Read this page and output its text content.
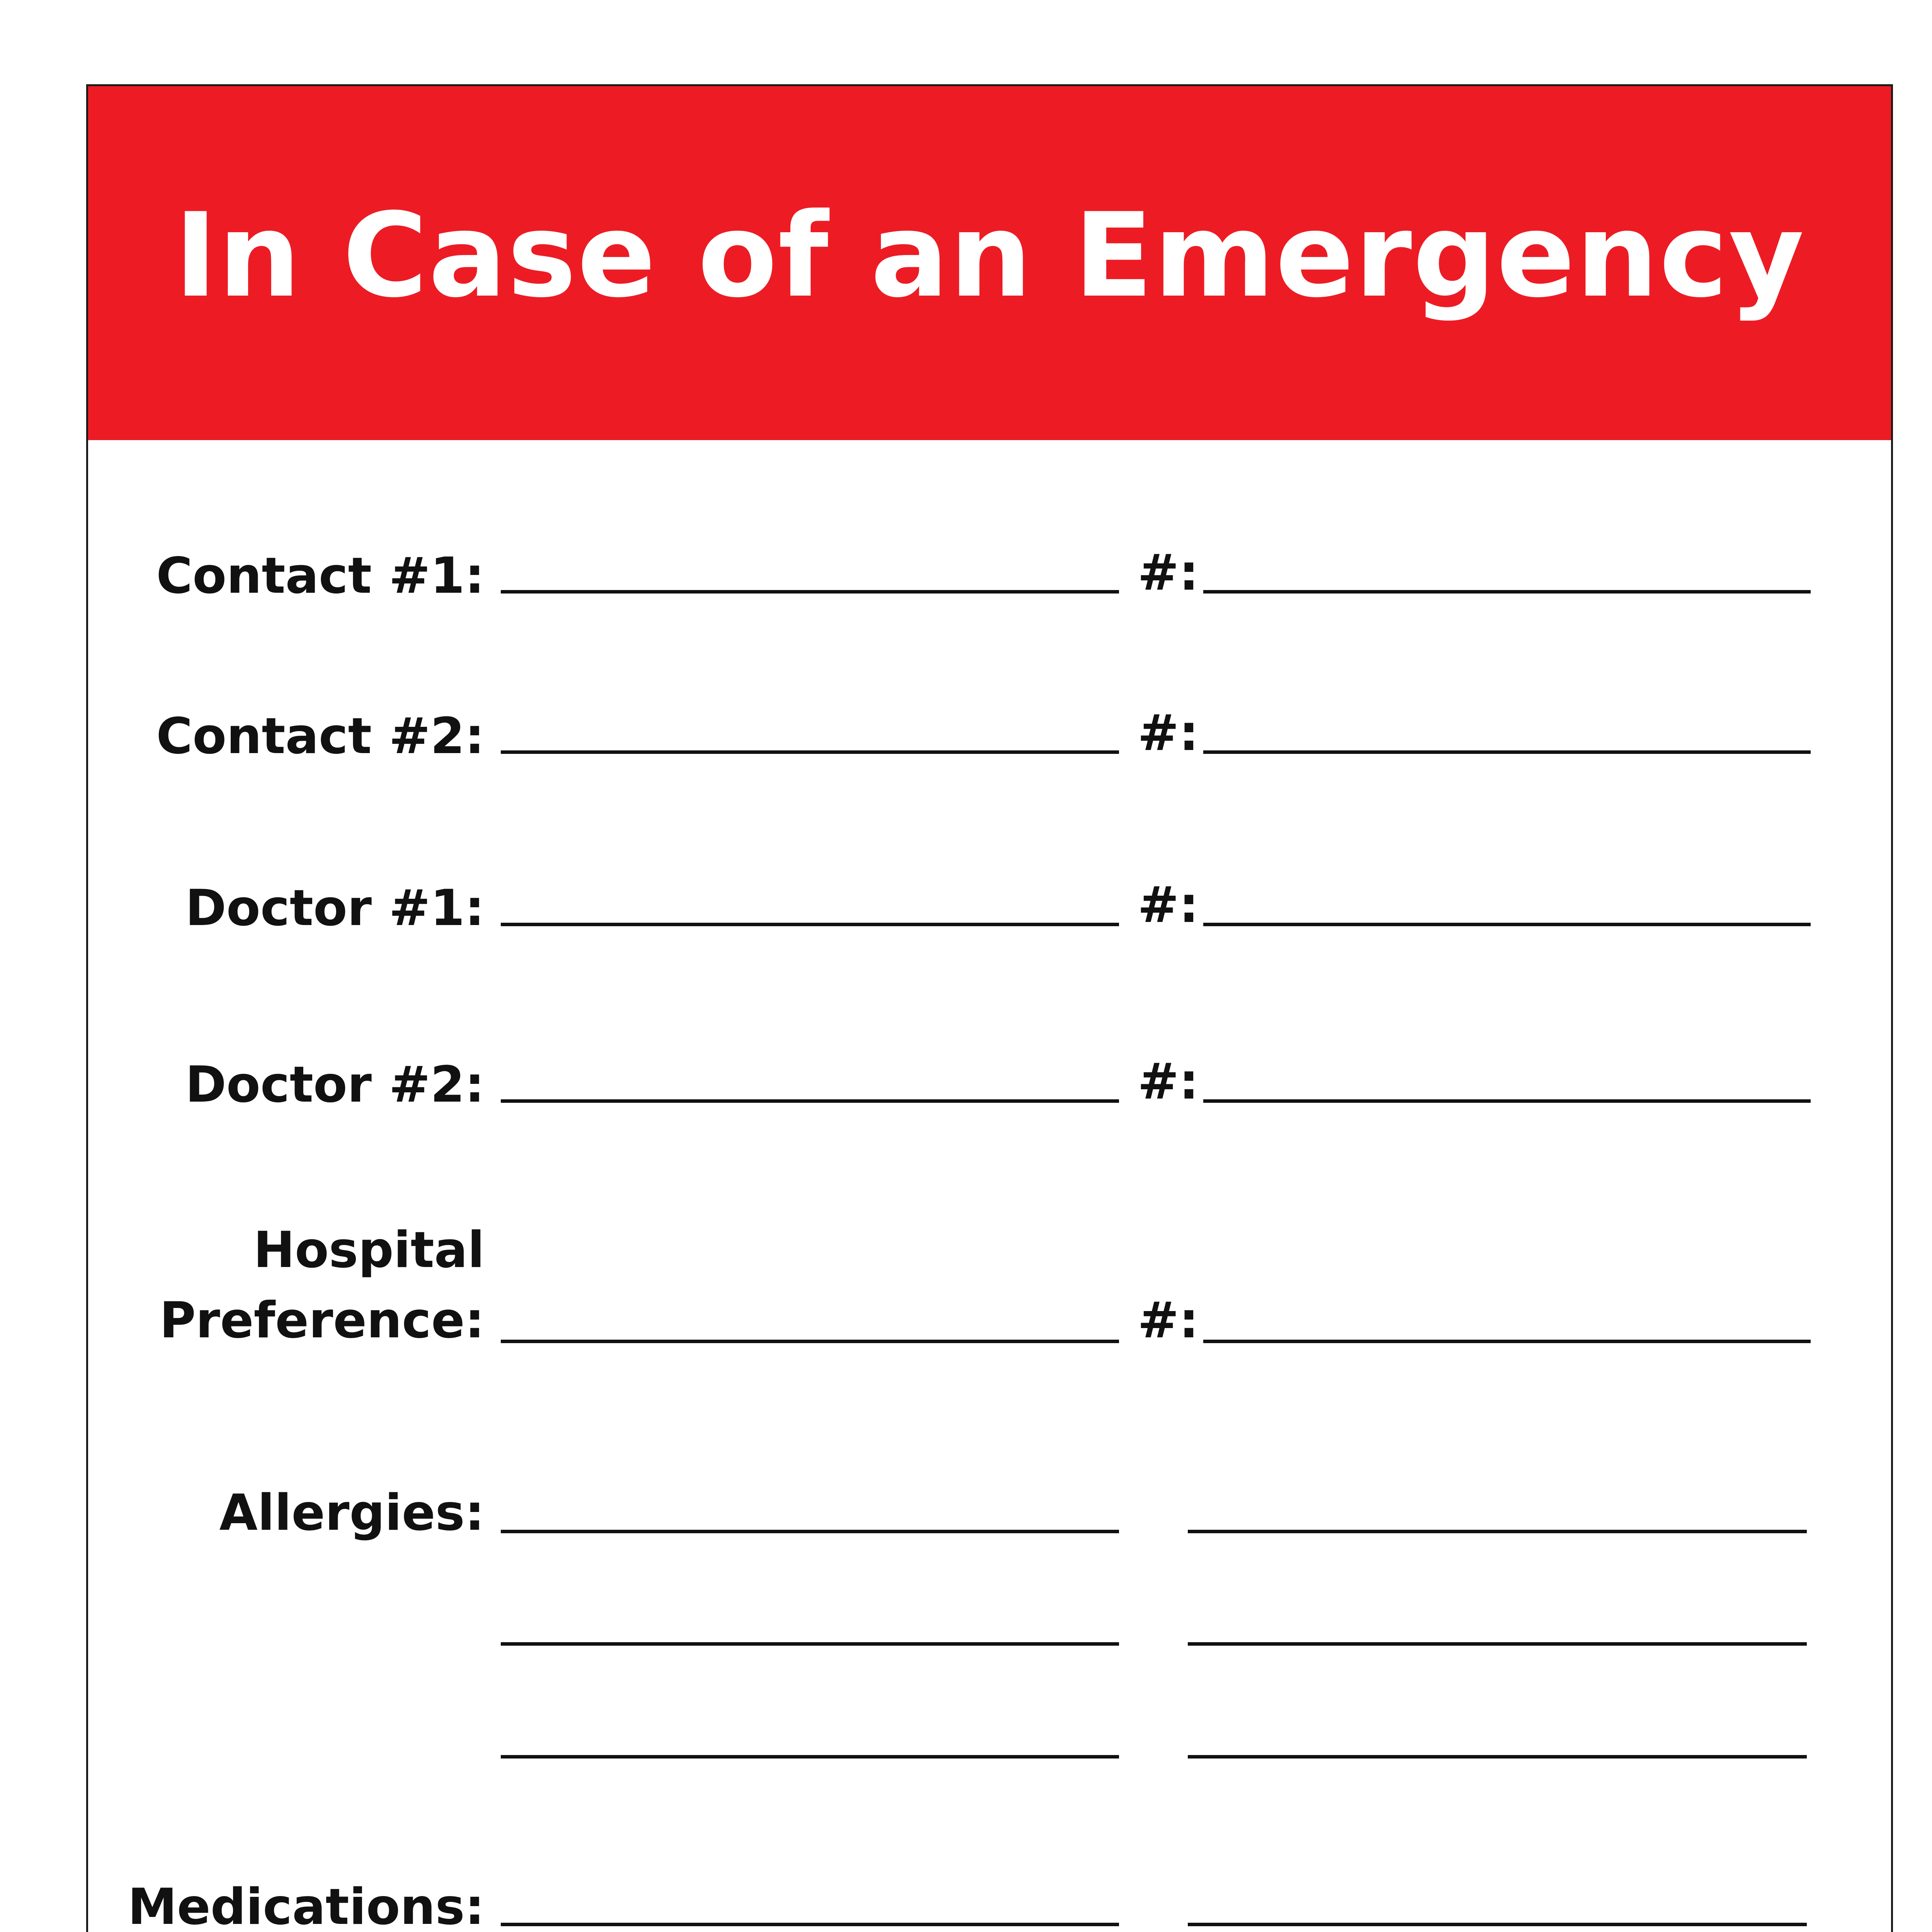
In Case of an Emergency
Contact #1:	#:
Contact #2:	#:
Doctor #1:	#:
Doctor #2:	#:
Hospital
Preference:	#:
Allergies:
Medications:
